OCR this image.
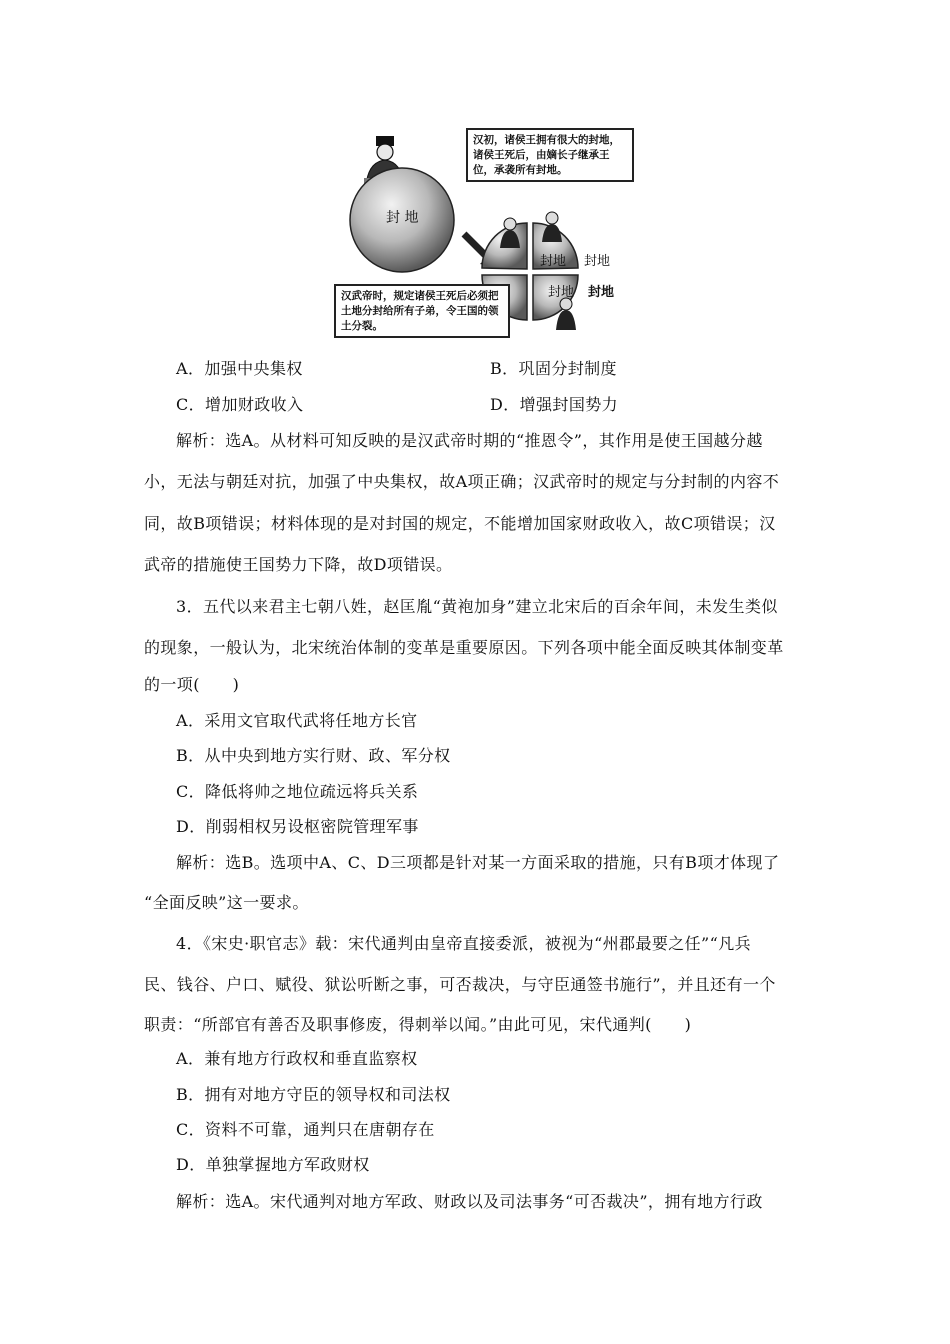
汉初，诸侯王拥有很大的封地，诸侯王死后，由嫡长子继承王位，承袭所有封地。
汉武帝时，规定诸侯王死后必须把土地分封给所有子弟，令王国的领土分裂。
封 地
封地 封地
封地 封地
A．加强中央集权	B．巩固分封制度
C．增加财政收入	D．增强封国势力
解析：选A。从材料可知反映的是汉武帝时期的“推恩令”，其作用是使王国越分越
小，无法与朝廷对抗，加强了中央集权，故A项正确；汉武帝时的规定与分封制的内容不
同，故B项错误；材料体现的是对封国的规定，不能增加国家财政收入，故C项错误；汉
武帝的措施使王国势力下降，故D项错误。
3．五代以来君主七朝八姓，赵匡胤“黄袍加身”建立北宋后的百余年间，未发生类似
的现象，一般认为，北宋统治体制的变革是重要原因。下列各项中能全面反映其体制变革
的一项(　　)
A．采用文官取代武将任地方长官
B．从中央到地方实行财、政、军分权
C．降低将帅之地位疏远将兵关系
D．削弱相权另设枢密院管理军事
解析：选B。选项中A、C、D三项都是针对某一方面采取的措施，只有B项才体现了
“全面反映”这一要求。
4．《宋史·职官志》载：宋代通判由皇帝直接委派，被视为“州郡最要之任”“凡兵
民、钱谷、户口、赋役、狱讼听断之事，可否裁决，与守臣通签书施行”，并且还有一个
职责：“所部官有善否及职事修废，得刺举以闻。”由此可见，宋代通判(　　)
A．兼有地方行政权和垂直监察权
B．拥有对地方守臣的领导权和司法权
C．资料不可靠，通判只在唐朝存在
D．单独掌握地方军政财权
解析：选A。宋代通判对地方军政、财政以及司法事务“可否裁决”，拥有地方行政
